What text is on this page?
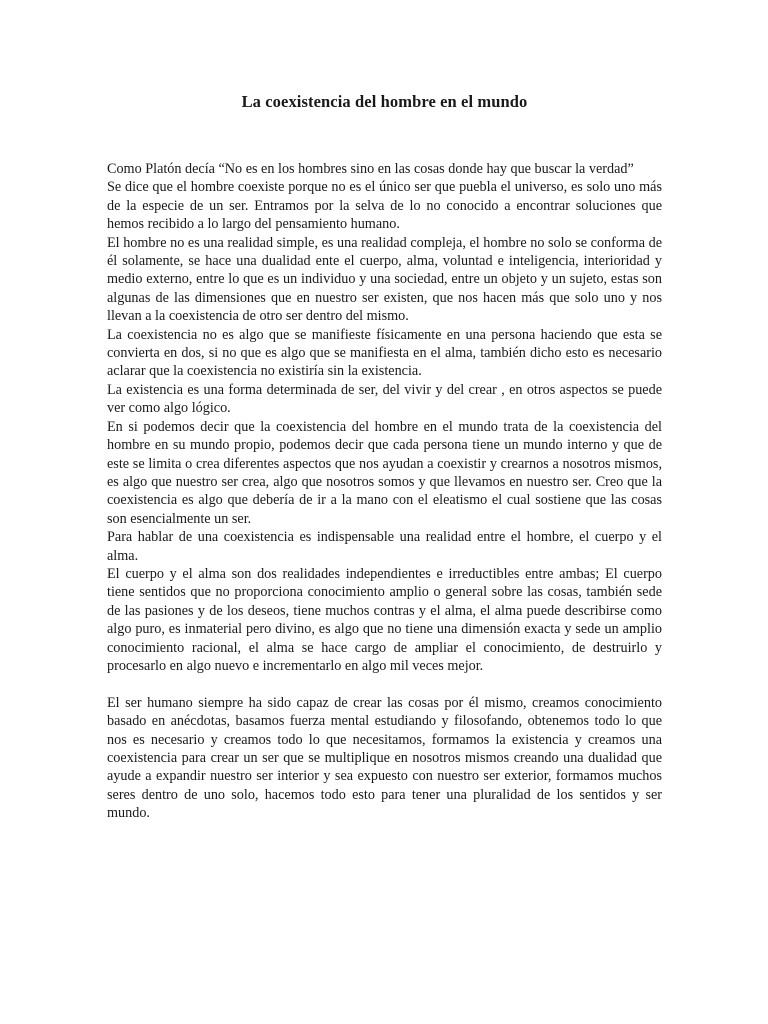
La coexistencia del hombre en el mundo

Como Platón decía “No es en los hombres sino en las cosas donde hay que buscar la verdad”

Se dice que el hombre coexiste porque no es el único ser que puebla el universo, es solo uno más de la especie de un ser. Entramos por la selva de lo no conocido a encontrar soluciones que hemos recibido a lo largo del pensamiento humano.

El hombre no es una realidad simple, es una realidad compleja, el hombre no solo se conforma de él solamente, se hace una dualidad ente el cuerpo, alma, voluntad e inteligencia, interioridad y medio externo, entre lo que es un individuo y una sociedad, entre un objeto y un sujeto, estas son algunas de las dimensiones que en nuestro ser existen, que nos hacen más que solo uno y nos llevan a la coexistencia de otro ser dentro del mismo.

La coexistencia no es algo que se manifieste físicamente en una persona haciendo que esta se convierta en dos, si no que es algo que se manifiesta en el alma, también dicho esto es necesario aclarar que la coexistencia no existiría sin la existencia.

La existencia es una forma determinada de ser, del vivir y del crear , en otros aspectos se puede ver como algo lógico.

En si podemos decir que la coexistencia del hombre en el mundo trata de la coexistencia del hombre en su mundo propio, podemos decir que cada persona tiene un mundo interno y que de este se limita o crea diferentes aspectos que nos ayudan a coexistir y crearnos a nosotros mismos, es algo que nuestro ser crea, algo que nosotros somos y que llevamos en nuestro ser. Creo que la coexistencia es algo que debería de ir a la mano con el eleatismo el cual sostiene que las cosas son esencialmente un ser.

Para hablar de una coexistencia es indispensable una realidad entre el hombre, el cuerpo y el alma.

El cuerpo y el alma son dos realidades independientes e irreductibles entre ambas; El cuerpo tiene sentidos que no proporciona conocimiento amplio o general sobre las cosas, también sede de las pasiones y de los deseos, tiene muchos contras y el alma, el alma puede describirse como algo puro, es inmaterial pero divino, es algo que no tiene una dimensión exacta y sede un amplio conocimiento racional, el alma se hace cargo de ampliar el conocimiento, de destruirlo y procesarlo en algo nuevo e incrementarlo en algo mil veces mejor.

El ser humano siempre ha sido capaz de crear las cosas por él mismo, creamos conocimiento basado en anécdotas, basamos fuerza mental estudiando y filosofando, obtenemos todo lo que nos es necesario y creamos todo lo que necesitamos, formamos la existencia y creamos una coexistencia para crear un ser que se multiplique en nosotros mismos creando una dualidad que ayude a expandir nuestro ser interior y sea expuesto con nuestro ser exterior, formamos muchos seres dentro de uno solo, hacemos todo esto para tener una pluralidad de los sentidos y ser mundo.
